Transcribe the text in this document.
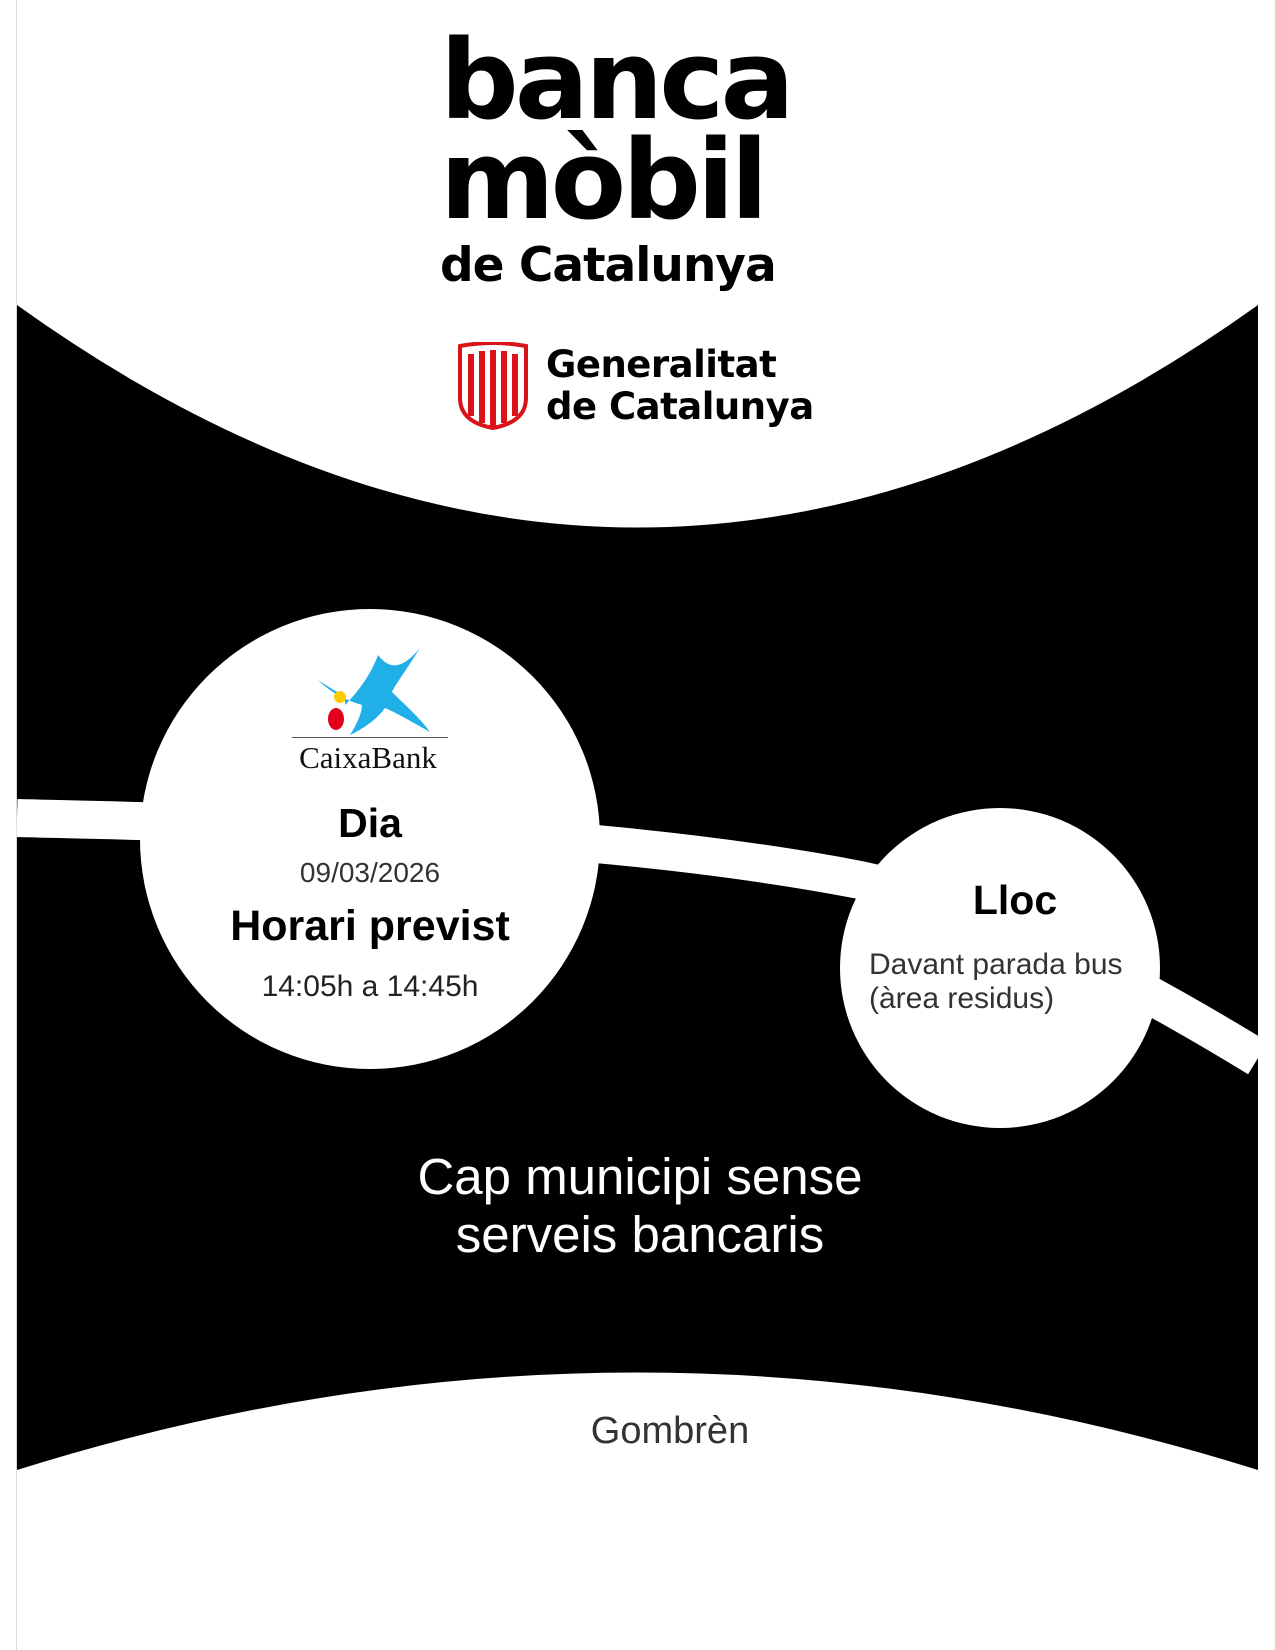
banca
mòbil
de Catalunya
Generalitat
de Catalunya
CaixaBank
Dia
09/03/2026
Horari previst
14:05h a 14:45h
Lloc
Davant parada bus
(àrea residus)
Cap municipi sense
serveis bancaris
Gombrèn
